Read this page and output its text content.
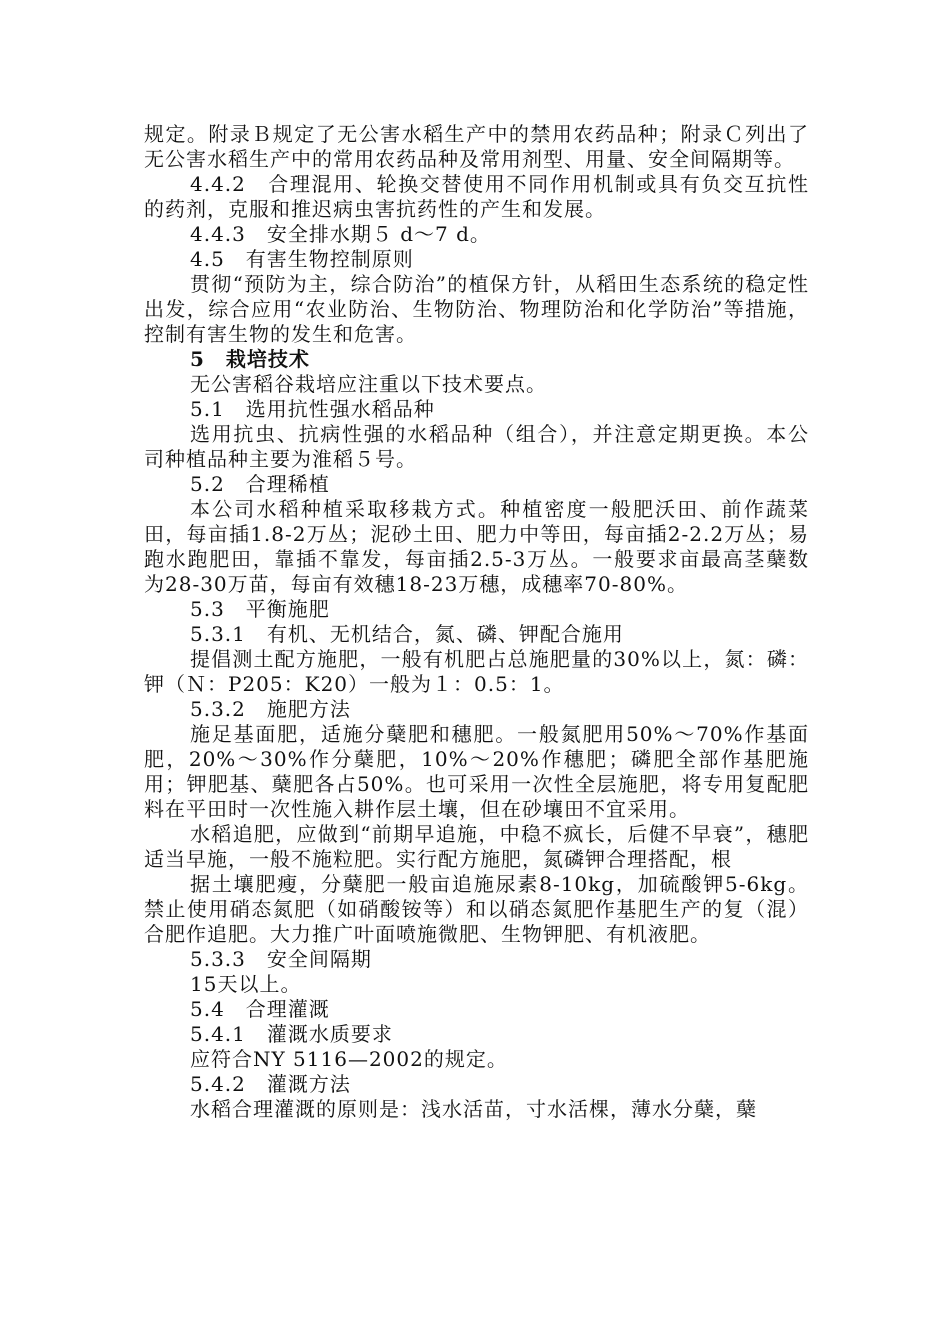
规定。附录Ｂ规定了无公害水稻生产中的禁用农药品种；附录Ｃ列出了无公害水稻生产中的常用农药品种及常用剂型、用量、安全间隔期等。

4.4.2　合理混用、轮换交替使用不同作用机制或具有负交互抗性的药剂，克服和推迟病虫害抗药性的产生和发展。

4.4.3　安全排水期５ d～7 d。

4.5　有害生物控制原则

贯彻“预防为主，综合防治”的植保方针，从稻田生态系统的稳定性出发，综合应用“农业防治、生物防治、物理防治和化学防治”等措施，控制有害生物的发生和危害。

5　栽培技术

无公害稻谷栽培应注重以下技术要点。

5.1　选用抗性强水稻品种

选用抗虫、抗病性强的水稻品种（组合），并注意定期更换。本公司种植品种主要为淮稻５号。

5.2　合理稀植

本公司水稻种植采取移栽方式。种植密度一般肥沃田、前作蔬菜田，每亩插1.8-2万丛；泥砂土田、肥力中等田，每亩插2-2.2万丛；易跑水跑肥田，靠插不靠发，每亩插2.5-3万丛。一般要求亩最高茎蘖数为28-30万苗，每亩有效穗18-23万穗，成穗率70-80%。

5.3　平衡施肥

5.3.1　有机、无机结合，氮、磷、钾配合施用

提倡测土配方施肥，一般有机肥占总施肥量的30%以上，氮：磷：钾（Ｎ：P205：K20）一般为１：0.5：1。

5.3.2　施肥方法

施足基面肥，适施分蘖肥和穗肥。一般氮肥用50%～70%作基面肥，20%～30%作分蘖肥，10%～20%作穗肥；磷肥全部作基肥施用；钾肥基、蘖肥各占50%。也可采用一次性全层施肥，将专用复配肥料在平田时一次性施入耕作层土壤，但在砂壤田不宜采用。

水稻追肥，应做到“前期早追施，中稳不疯长，后健不早衰”，穗肥适当早施，一般不施粒肥。实行配方施肥，氮磷钾合理搭配，根

据土壤肥瘦，分蘖肥一般亩追施尿素8-10kg，加硫酸钾5-6kg。禁止使用硝态氮肥（如硝酸铵等）和以硝态氮肥作基肥生产的复（混）合肥作追肥。大力推广叶面喷施微肥、生物钾肥、有机液肥。

5.3.3　安全间隔期

15天以上。

5.4　合理灌溉

5.4.1　灌溉水质要求

应符合NY 5116—2002的规定。

5.4.2　灌溉方法

水稻合理灌溉的原则是：浅水活苗，寸水活棵，薄水分蘖，蘖
